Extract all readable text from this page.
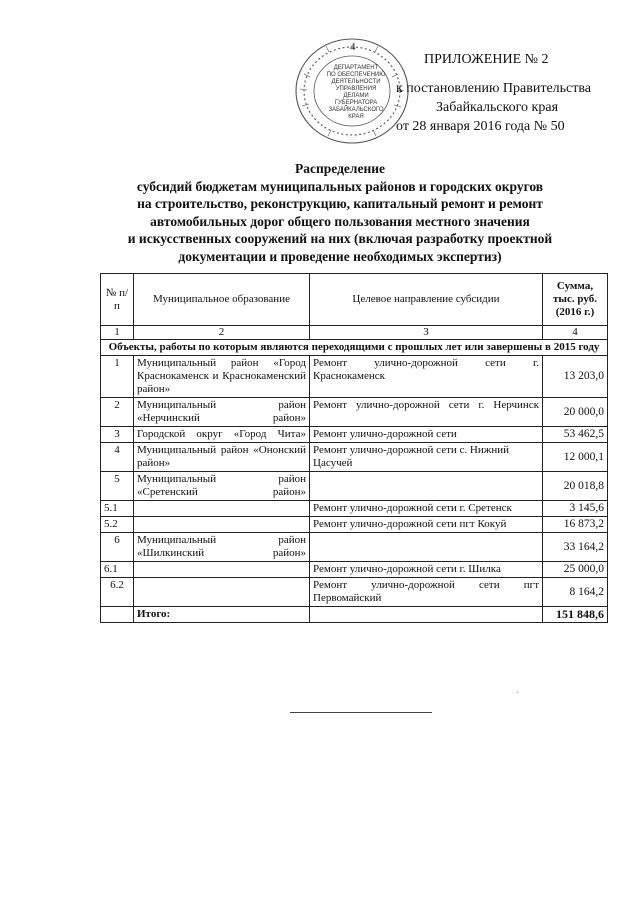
4
ДЕПАРТАМЕНТ
ПО ОБЕСПЕЧЕНИЮ
ДЕЯТЕЛЬНОСТИ
УПРАВЛЕНИЯ
ДЕЛАМИ
ГУБЕРНАТОРА
ЗАБАЙКАЛЬСКОГО
КРАЯ
ПРИЛОЖЕНИЕ № 2
к постановлению Правительства
Забайкальского края
от 28 января 2016 года № 50
Распределение
субсидий бюджетам муниципальных районов и городских округов
на строительство, реконструкцию, капитальный ремонт и ремонт
автомобильных дорог общего пользования местного значения
и искусственных сооружений на них (включая разработку проектной
документации и проведение необходимых экспертиз)
№ п/п	Муниципальное образование	Целевое направление субсидии	Сумма, тыс. руб. (2016 г.)
1	2	3	4
Объекты, работы по которым являются переходящими с прошлых лет или завершены в 2015 году			
1	Муниципальный район «Город Краснокаменск и Краснокаменский район»	Ремонт улично-дорожной сети г. Краснокаменск	13 203,0
2	Муниципальный район «Нерчинский район»	Ремонт улично-дорожной сети г. Нерчинск	20 000,0
3	Городской округ «Город Чита»	Ремонт улично-дорожной сети	53 462,5
4	Муниципальный район «Ононский район»	Ремонт улично-дорожной сети с. Нижний Цасучей	12 000,1
5	Муниципальный район «Сретенский район»		20 018,8
5.1		Ремонт улично-дорожной сети г. Сретенск	3 145,6
5.2		Ремонт улично-дорожной сети пгт Кокуй	16 873,2
6	Муниципальный район «Шилкинский район»		33 164,2
6.1		Ремонт улично-дорожной сети г. Шилка	25 000,0
6.2		Ремонт улично-дорожной сети пгт Первомайский	8 164,2
	Итого:		151 848,6
